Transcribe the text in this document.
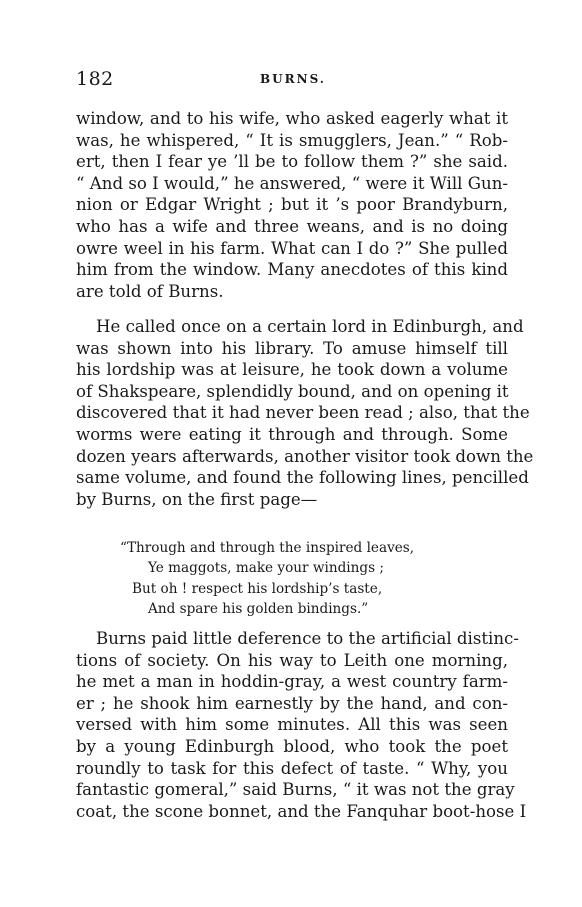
182	BURNS.
window, and to his wife, who asked eagerly what it
was, he whispered, “ It is smugglers, Jean.” “ Rob-
ert, then I fear ye ’ll be to follow them ?” she said.
“ And so I would,” he answered, “ were it Will Gun-
nion or Edgar Wright ; but it ’s poor Brandyburn,
who has a wife and three weans, and is no doing
owre weel in his farm. What can I do ?” She pulled
him from the window. Many anecdotes of this kind
are told of Burns.
He called once on a certain lord in Edinburgh, and
was shown into his library. To amuse himself till
his lordship was at leisure, he took down a volume
of Shakspeare, splendidly bound, and on opening it
discovered that it had never been read ; also, that the
worms were eating it through and through. Some
dozen years afterwards, another visitor took down the
same volume, and found the following lines, pencilled
by Burns, on the first page—
“Through and through the inspired leaves,
Ye maggots, make your windings ;
But oh ! respect his lordship’s taste,
And spare his golden bindings.”
Burns paid little deference to the artificial distinc-
tions of society. On his way to Leith one morning,
he met a man in hoddin-gray, a west country farm-
er ; he shook him earnestly by the hand, and con-
versed with him some minutes. All this was seen
by a young Edinburgh blood, who took the poet
roundly to task for this defect of taste. “ Why, you
fantastic gomeral,” said Burns, “ it was not the gray
coat, the scone bonnet, and the Fanquhar boot-hose I
